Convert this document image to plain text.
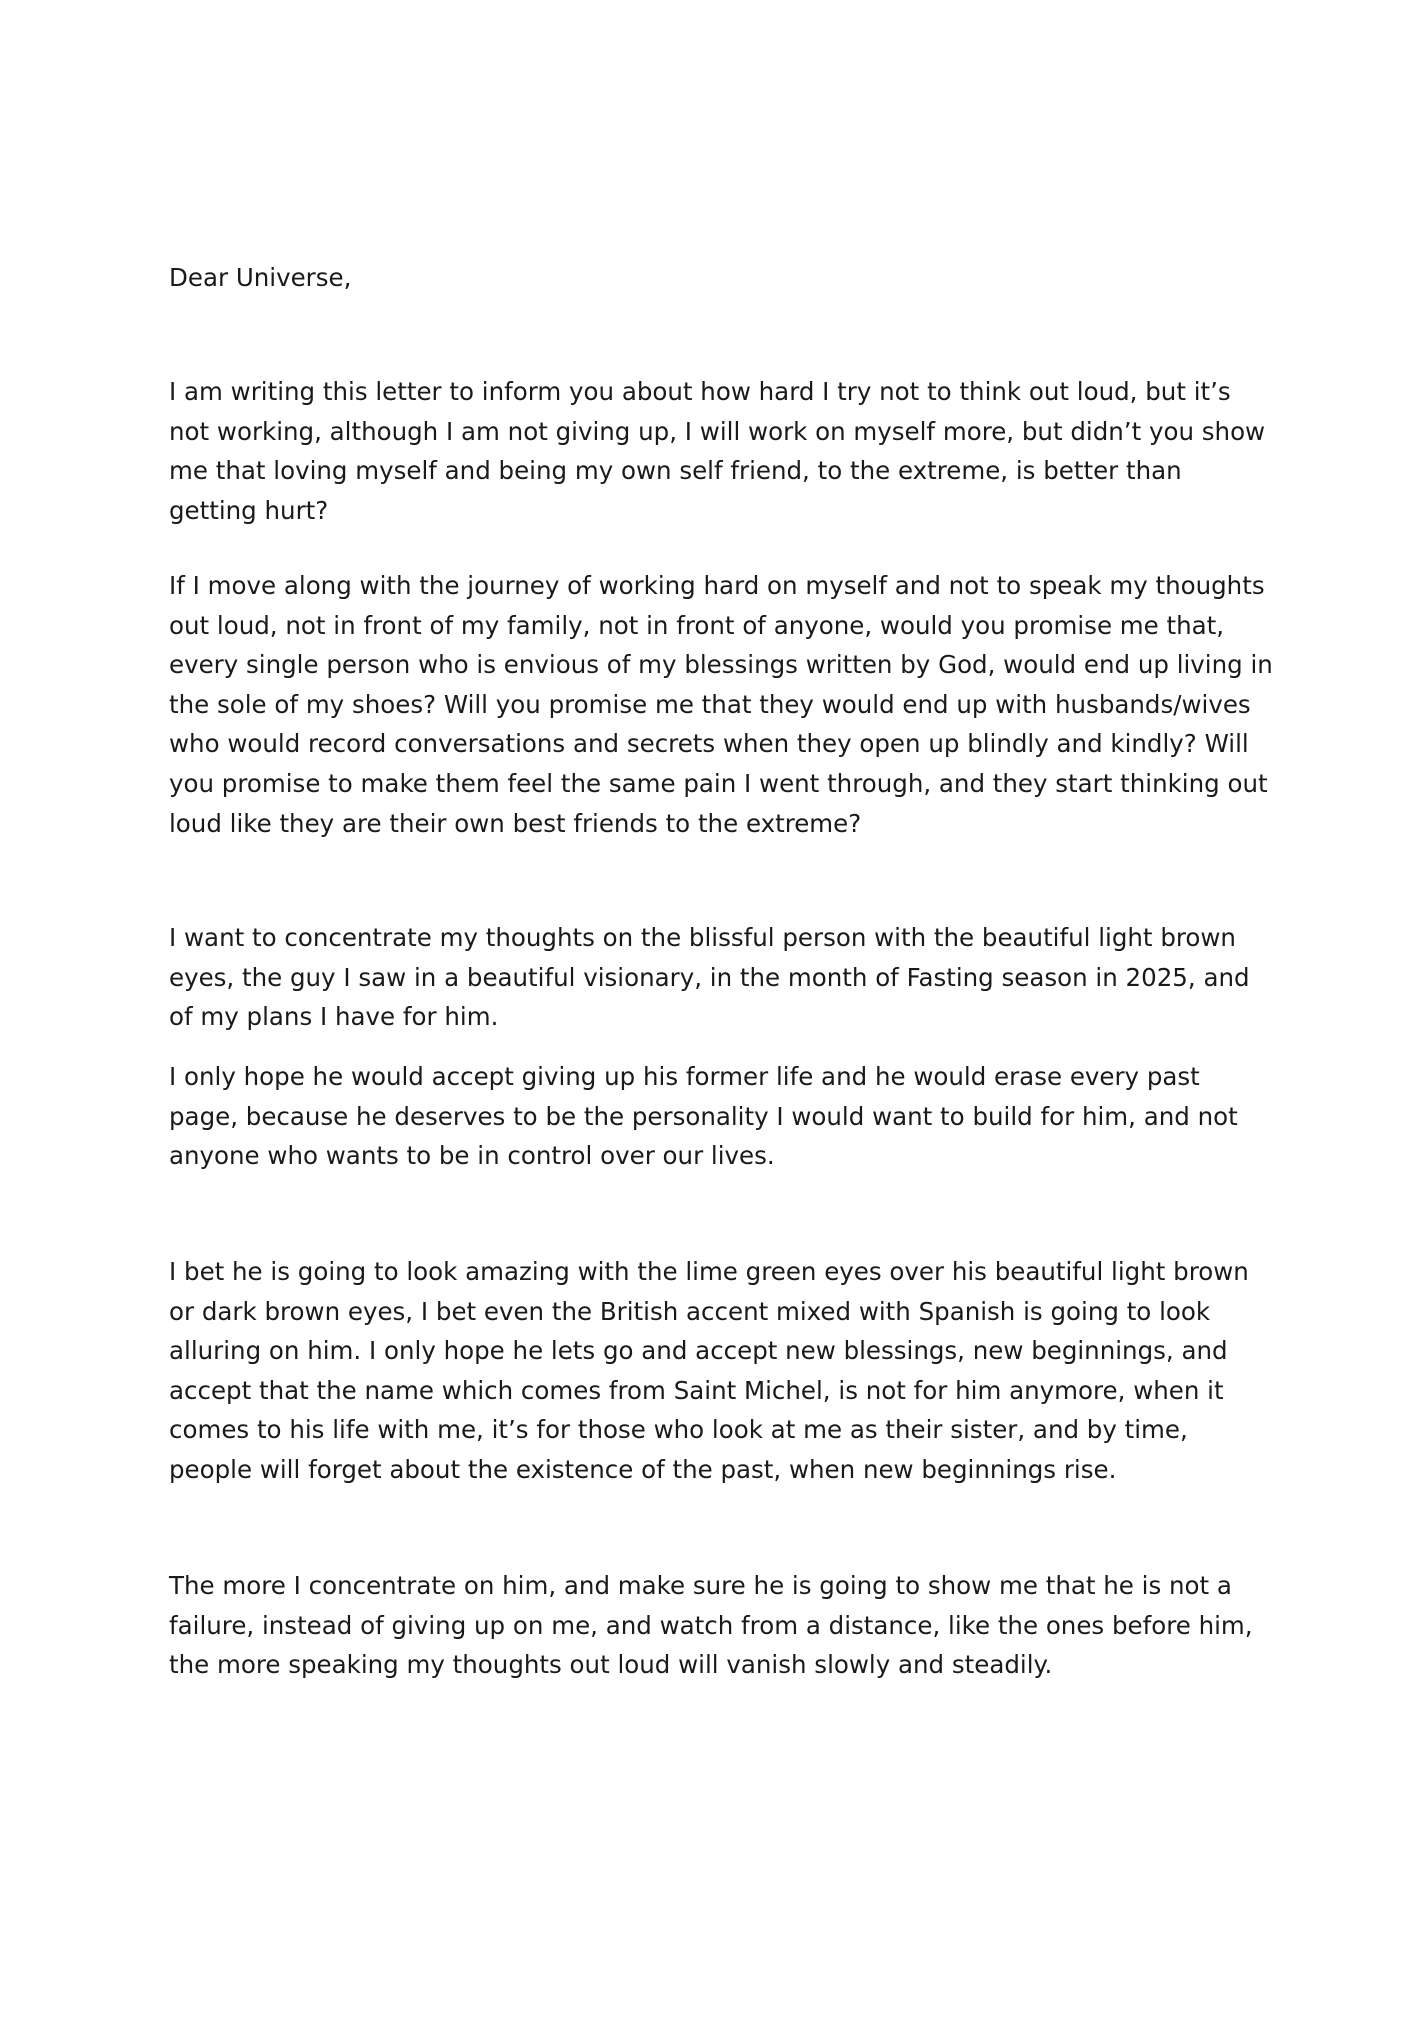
Dear Universe,

I am writing this letter to inform you about how hard I try not to think out loud, but it’s not working, although I am not giving up, I will work on myself more, but didn’t you show me that loving myself and being my own self friend, to the extreme, is better than getting hurt?

If I move along with the journey of working hard on myself and not to speak my thoughts out loud, not in front of my family, not in front of anyone, would you promise me that, every single person who is envious of my blessings written by God, would end up living in the sole of my shoes? Will you promise me that they would end up with husbands/wives who would record conversations and secrets when they open up blindly and kindly? Will you promise to make them feel the same pain I went through, and they start thinking out loud like they are their own best friends to the extreme?

I want to concentrate my thoughts on the blissful person with the beautiful light brown eyes, the guy I saw in a beautiful visionary, in the month of Fasting season in 2025, and of my plans I have for him.

I only hope he would accept giving up his former life and he would erase every past page, because he deserves to be the personality I would want to build for him, and not anyone who wants to be in control over our lives.

I bet he is going to look amazing with the lime green eyes over his beautiful light brown or dark brown eyes, I bet even the British accent mixed with Spanish is going to look alluring on him. I only hope he lets go and accept new blessings, new beginnings, and accept that the name which comes from Saint Michel, is not for him anymore, when it comes to his life with me, it’s for those who look at me as their sister, and by time, people will forget about the existence of the past, when new beginnings rise.

The more I concentrate on him, and make sure he is going to show me that he is not a failure, instead of giving up on me, and watch from a distance, like the ones before him, the more speaking my thoughts out loud will vanish slowly and steadily.
